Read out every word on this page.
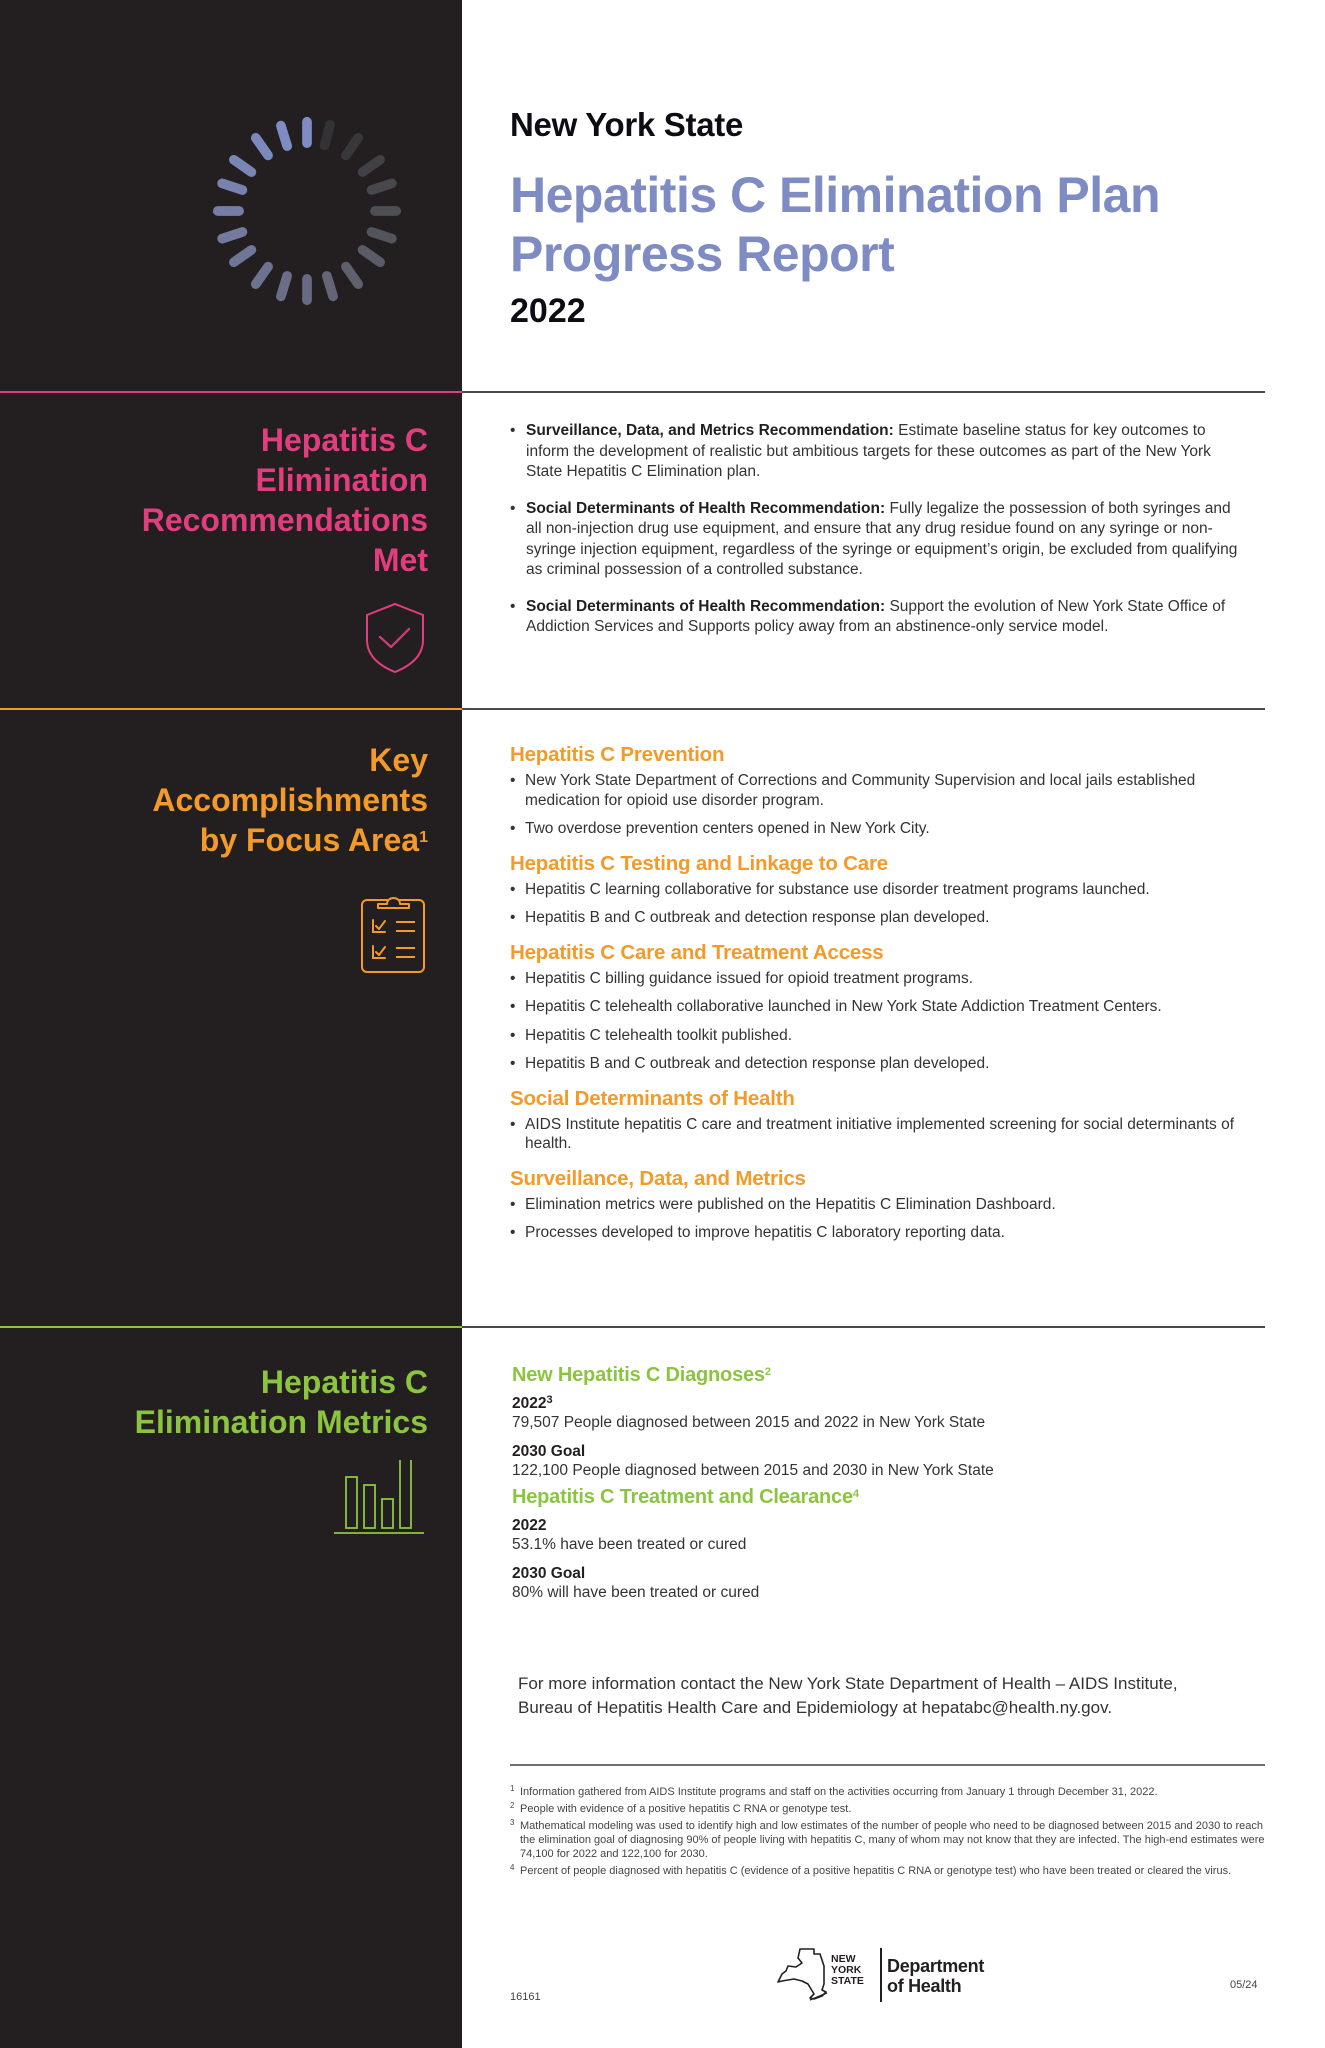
New York State
Hepatitis C Elimination Plan
Progress Report
2022
Hepatitis C
Elimination
Recommendations
Met
• Surveillance, Data, and Metrics Recommendation: Estimate baseline status for key outcomes to inform the development of realistic but ambitious targets for these outcomes as part of the New York State Hepatitis C Elimination plan.
• Social Determinants of Health Recommendation: Fully legalize the possession of both syringes and all non-injection drug use equipment, and ensure that any drug residue found on any syringe or non-syringe injection equipment, regardless of the syringe or equipment’s origin, be excluded from qualifying as criminal possession of a controlled substance.
• Social Determinants of Health Recommendation: Support the evolution of New York State Office of Addiction Services and Supports policy away from an abstinence-only service model.
Key
Accomplishments
by Focus Area$^1$
Hepatitis C Prevention
• New York State Department of Corrections and Community Supervision and local jails established medication for opioid use disorder program.
• Two overdose prevention centers opened in New York City.
Hepatitis C Testing and Linkage to Care
• Hepatitis C learning collaborative for substance use disorder treatment programs launched.
• Hepatitis B and C outbreak and detection response plan developed.
Hepatitis C Care and Treatment Access
• Hepatitis C billing guidance issued for opioid treatment programs.
• Hepatitis C telehealth collaborative launched in New York State Addiction Treatment Centers.
• Hepatitis C telehealth toolkit published.
• Hepatitis B and C outbreak and detection response plan developed.
Social Determinants of Health
• AIDS Institute hepatitis C care and treatment initiative implemented screening for social determinants of health.
Surveillance, Data, and Metrics
• Elimination metrics were published on the Hepatitis C Elimination Dashboard.
• Processes developed to improve hepatitis C laboratory reporting data.
Hepatitis C
Elimination Metrics
New Hepatitis C Diagnoses$^2$
2022$^3$
79,507 People diagnosed between 2015 and 2022 in New York State
2030 Goal
122,100 People diagnosed between 2015 and 2030 in New York State
Hepatitis C Treatment and Clearance$^4$
2022
53.1% have been treated or cured
2030 Goal
80% will have been treated or cured
For more information contact the New York State Department of Health – AIDS Institute,
Bureau of Hepatitis Health Care and Epidemiology at hepatabc@health.ny.gov.
1 Information gathered from AIDS Institute programs and staff on the activities occurring from January 1 through December 31, 2022.
2 People with evidence of a positive hepatitis C RNA or genotype test.
3 Mathematical modeling was used to identify high and low estimates of the number of people who need to be diagnosed between 2015 and 2030 to reach the elimination goal of diagnosing 90% of people living with hepatitis C, many of whom may not know that they are infected. The high-end estimates were 74,100 for 2022 and 122,100 for 2030.
4 Percent of people diagnosed with hepatitis C (evidence of a positive hepatitis C RNA or genotype test) who have been treated or cleared the virus.
16161
NEW
YORK
STATE
Department
of Health	05/24
